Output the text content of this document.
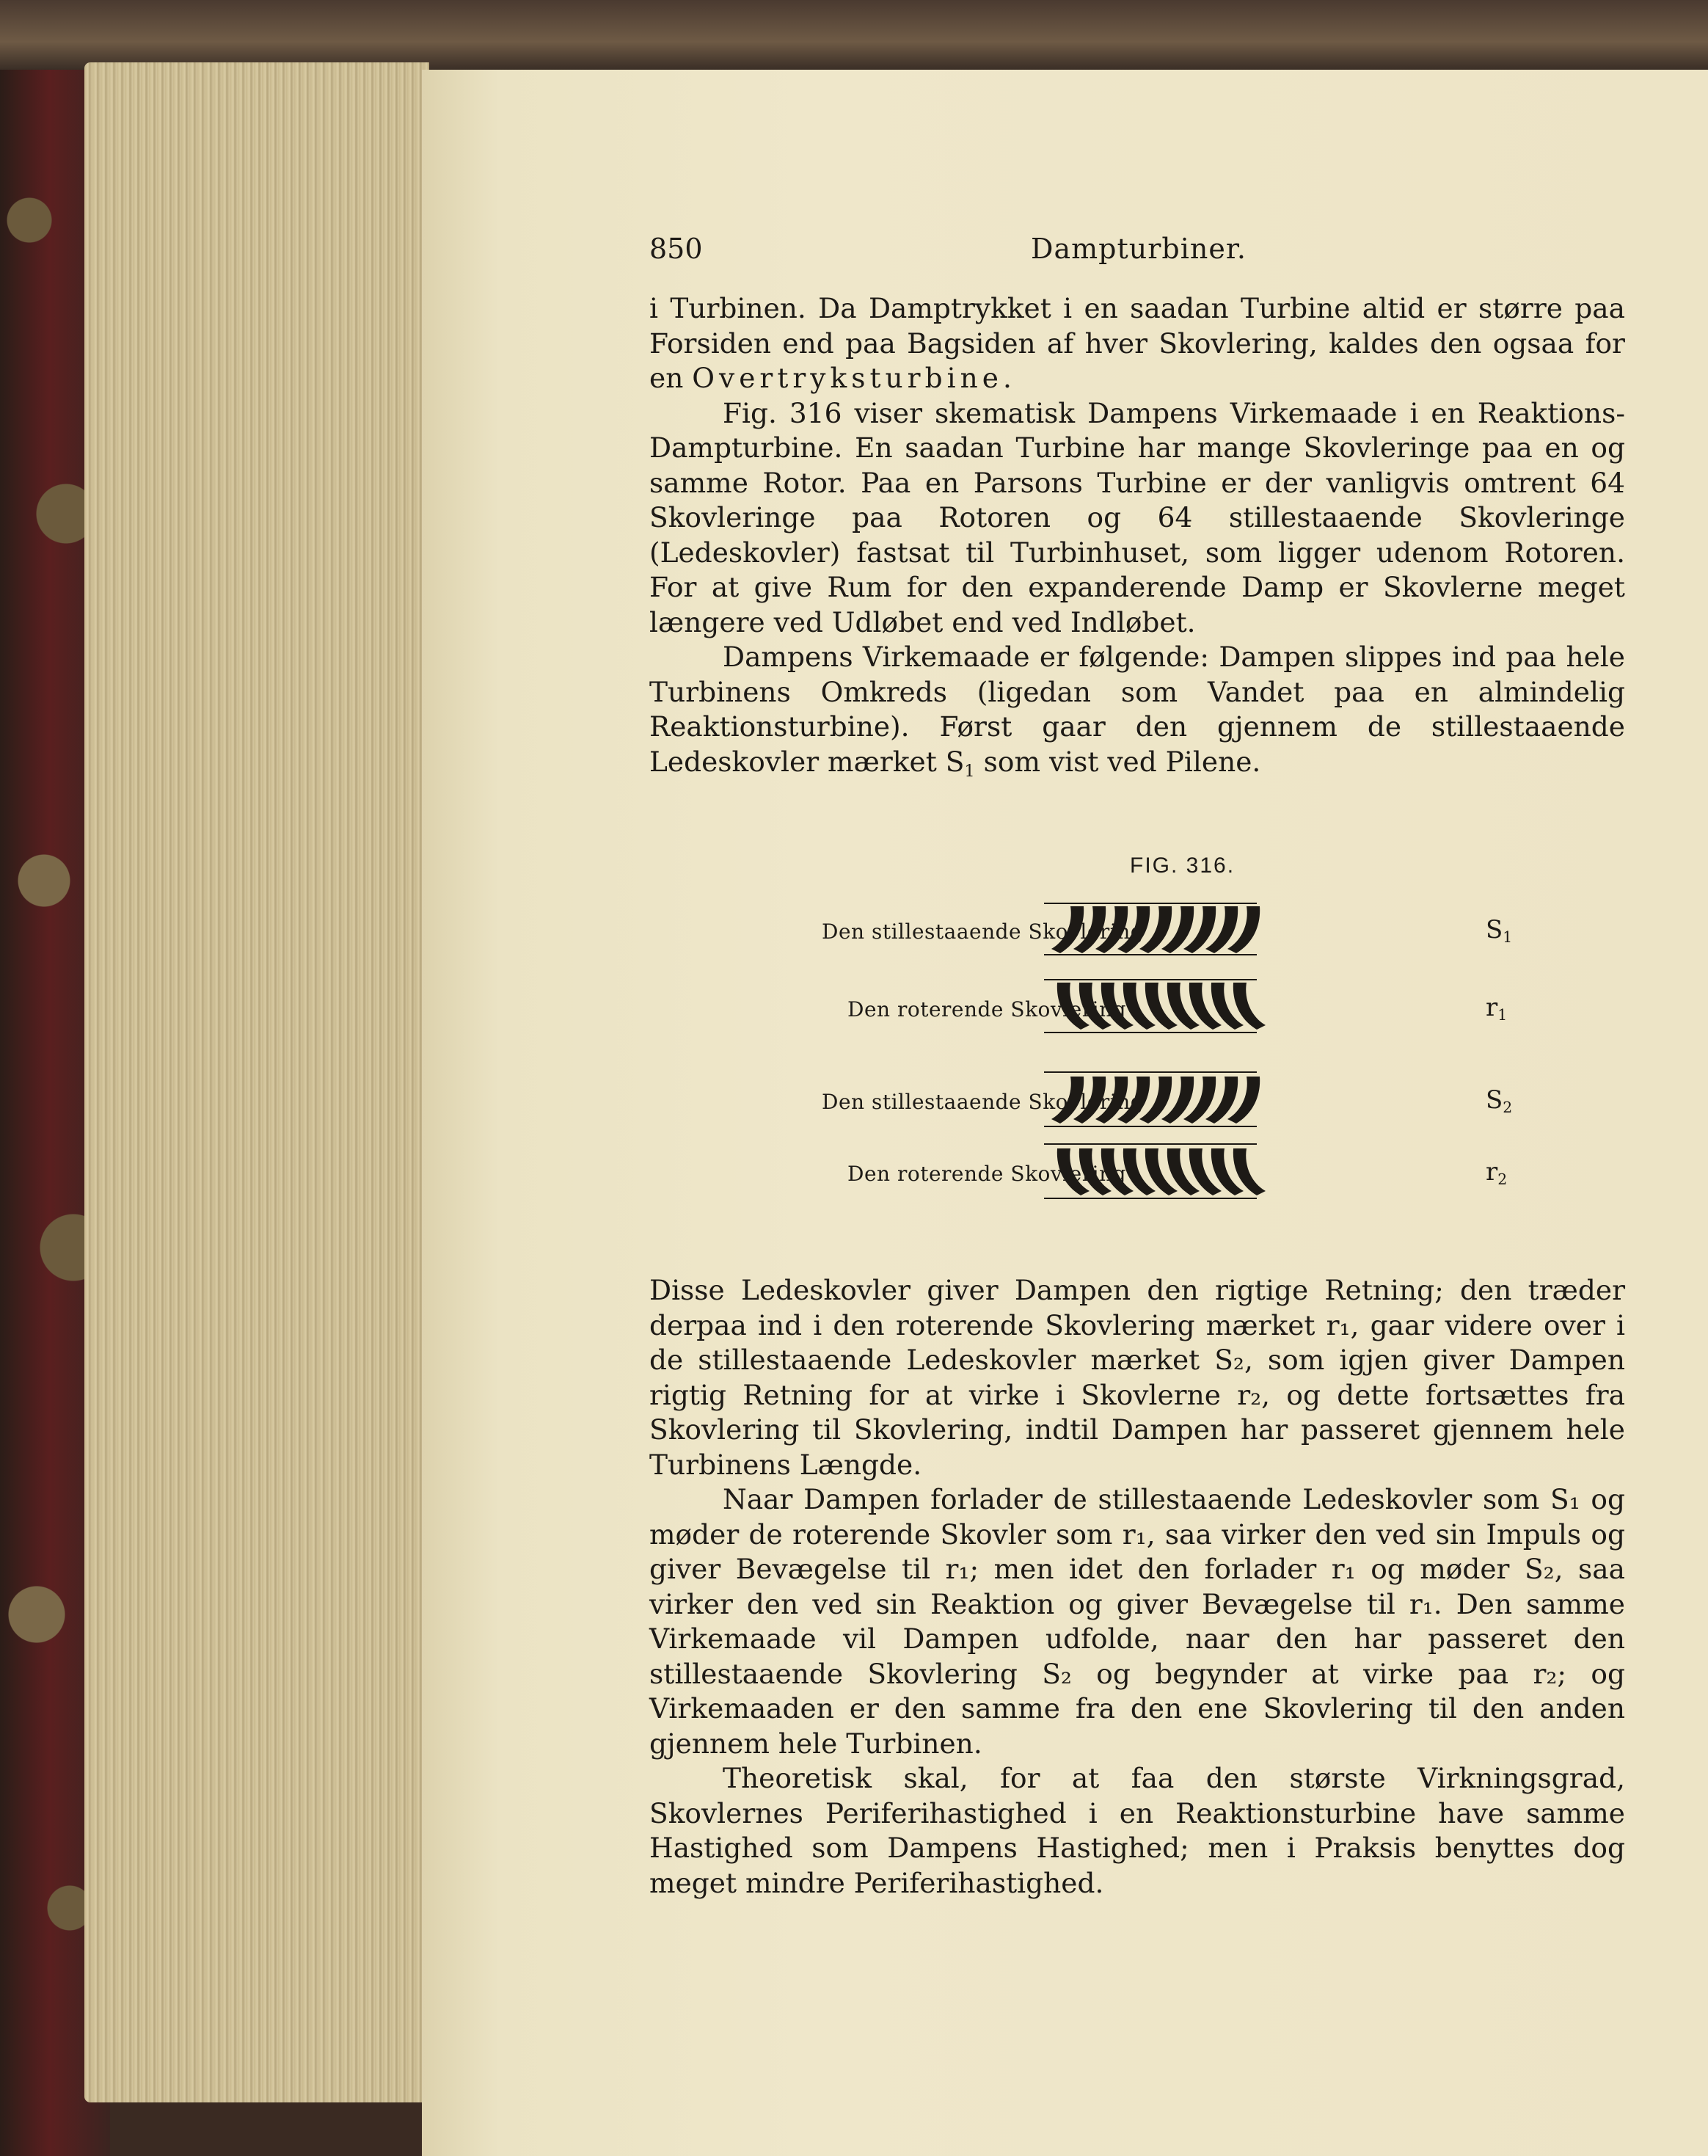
850	Dampturbiner.

i Turbinen. Da Damptrykket i en saadan Turbine altid er større paa Forsiden end paa Bagsiden af hver Skovlering, kaldes den ogsaa for en Overtryksturbine.

Fig. 316 viser skematisk Dampens Virkemaade i en Reaktions-Dampturbine. En saadan Turbine har mange Skovleringe paa en og samme Rotor. Paa en Parsons Turbine er der vanligvis omtrent 64 Skovleringe paa Rotoren og 64 stillestaaende Skovleringe (Ledeskovler) fastsat til Turbinhuset, som ligger udenom Rotoren. For at give Rum for den expanderende Damp er Skovlerne meget længere ved Udløbet end ved Indløbet.

Dampens Virkemaade er følgende: Dampen slippes ind paa hele Turbinens Omkreds (ligedan som Vandet paa en almindelig Reaktionsturbine). Først gaar den gjennem de stillestaaende Ledeskovler mærket $S_1$ som vist ved Pilene.

FIG. 316.
Den stillestaaende Skovlering	$S_1$
Den roterende Skovlering	$r_1$
Den stillestaaende Skovlering	$S_2$
Den roterende Skovlering	$r_2$

Disse Ledeskovler giver Dampen den rigtige Retning; den træder derpaa ind i den roterende Skovlering mærket r₁, gaar videre over i de stillestaaende Ledeskovler mærket S₂, som igjen giver Dampen rigtig Retning for at virke i Skovlerne r₂, og dette fortsættes fra Skovlering til Skovlering, indtil Dampen har passeret gjennem hele Turbinens Længde.

Naar Dampen forlader de stillestaaende Ledeskovler som S₁ og møder de roterende Skovler som r₁, saa virker den ved sin Impuls og giver Bevægelse til r₁; men idet den forlader r₁ og møder S₂, saa virker den ved sin Reaktion og giver Bevægelse til r₁. Den samme Virkemaade vil Dampen udfolde, naar den har passeret den stillestaaende Skovlering S₂ og begynder at virke paa r₂; og Virkemaaden er den samme fra den ene Skovlering til den anden gjennem hele Turbinen.

Theoretisk skal, for at faa den største Virkningsgrad, Skovlernes Periferihastighed i en Reaktionsturbine have samme Hastighed som Dampens Hastighed; men i Praksis benyttes dog meget mindre Periferihastighed.
